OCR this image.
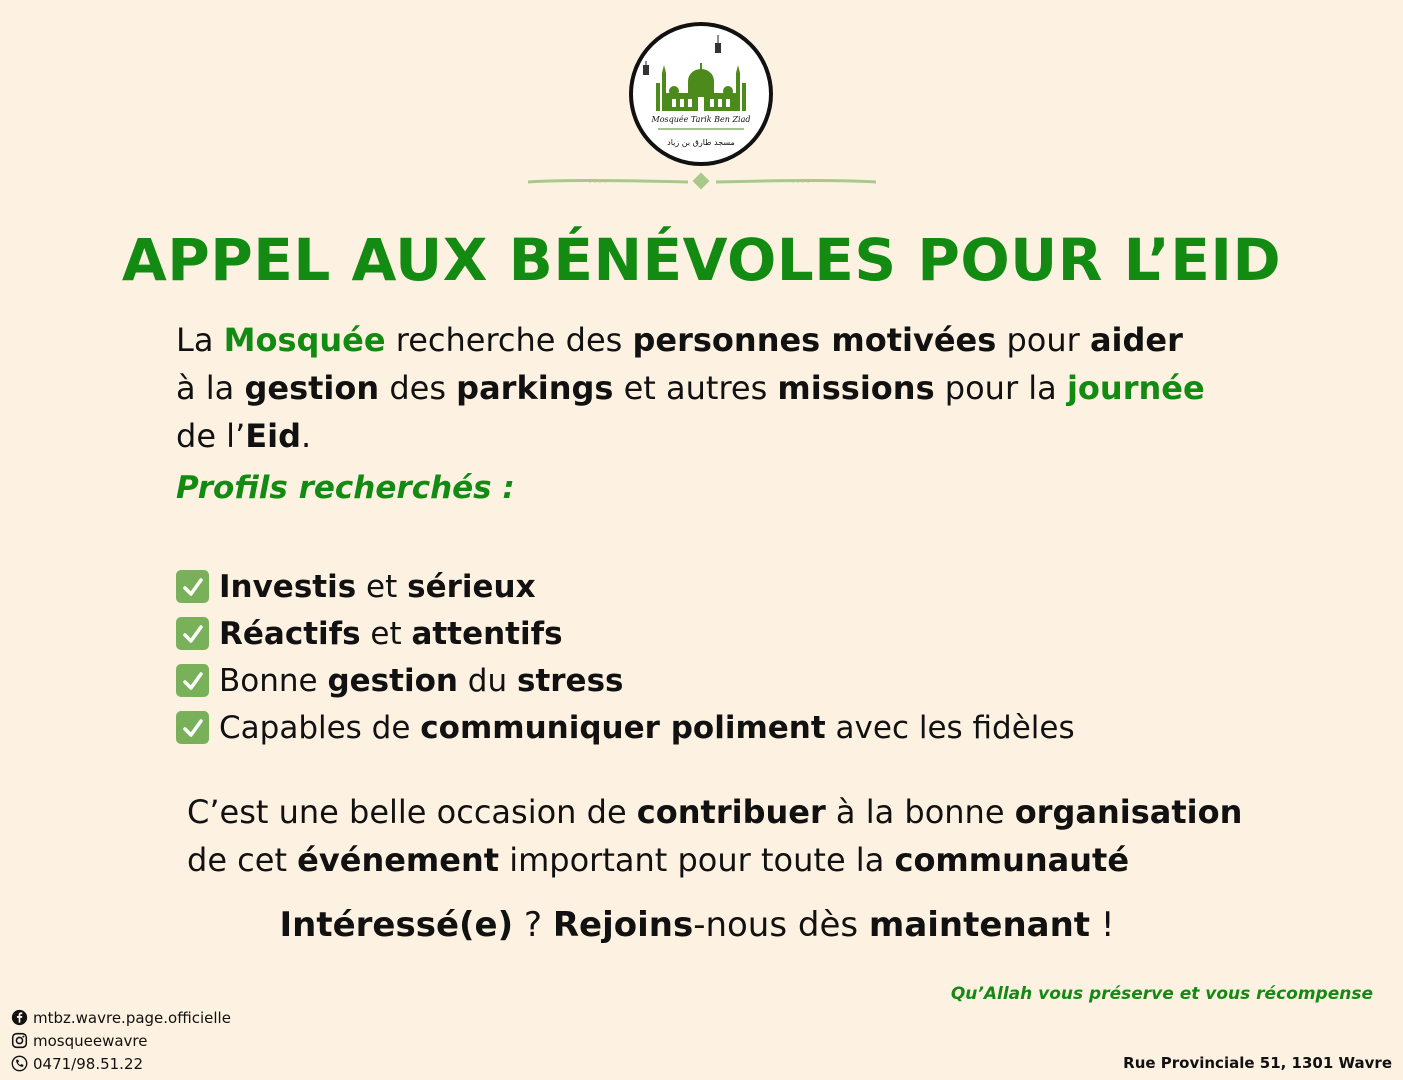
Mosquée Tarik Ben Ziad
مسجد طارق بن زياد
APPEL AUX BÉNÉVOLES POUR L’EID
La Mosquée recherche des personnes motivées pour aider
à la gestion des parkings et autres missions pour la journée
de l’Eid.
Profils recherchés :
Investis et sérieux
Réactifs et attentifs
Bonne gestion du stress
Capables de communiquer poliment avec les fidèles
C’est une belle occasion de contribuer à la bonne organisation
de cet événement important pour toute la communauté
Intéressé(e) ? Rejoins-nous dès maintenant !
Qu’Allah vous préserve et vous récompense
mtbz.wavre.page.officielle
mosqueewavre
0471/98.51.22	Rue Provinciale 51, 1301 Wavre
